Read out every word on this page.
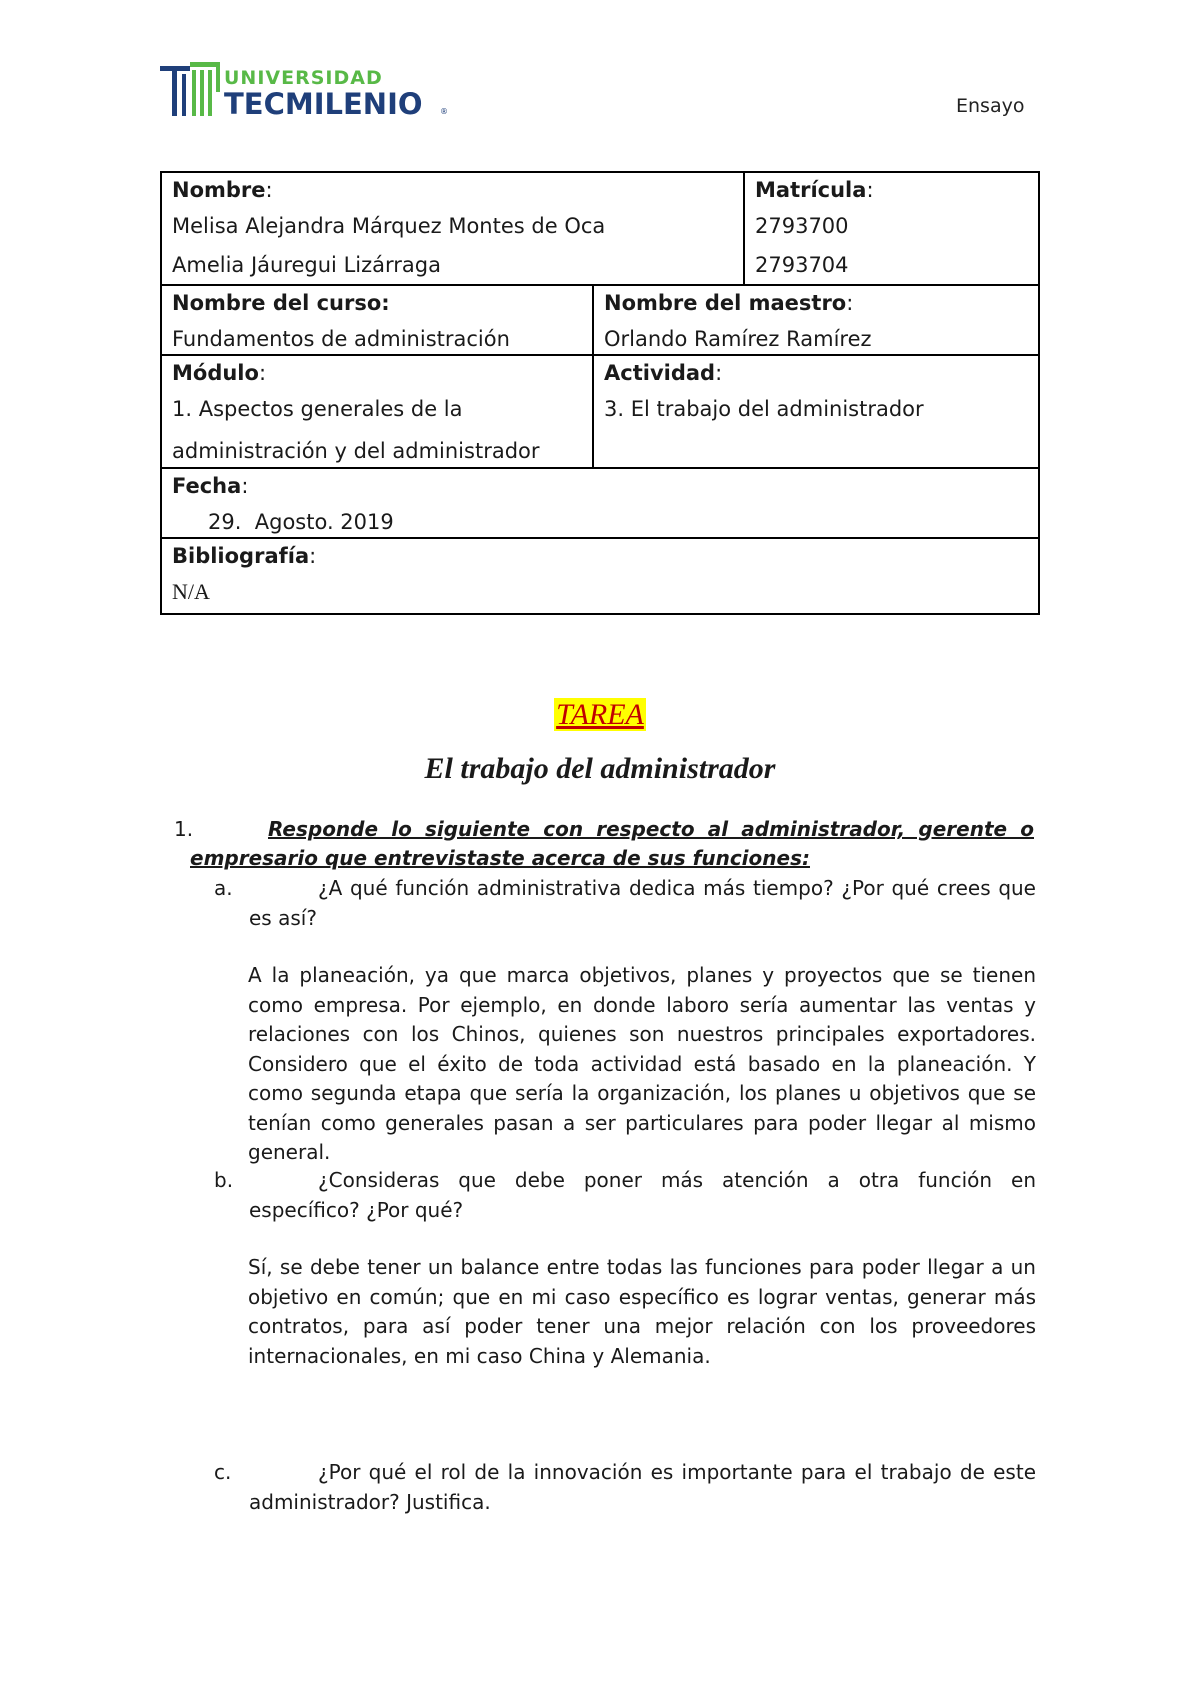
UNIVERSIDAD
TECMILENIO ®	Ensayo
Nombre:
Melisa Alejandra Márquez Montes de Oca
Amelia Jáuregui Lizárraga
Matrícula:
2793700
2793704
Nombre del curso:
Fundamentos de administración
Nombre del maestro:
Orlando Ramírez Ramírez
Módulo:
1. Aspectos generales de la
administración y del administrador
Actividad:
3. El trabajo del administrador
Fecha:
29.  Agosto. 2019
Bibliografía:
N/A
TAREA
El trabajo del administrador
1.	Responde lo siguiente con respecto al administrador, gerente o
empresario que entrevistaste acerca de sus funciones:
a.	¿A qué función administrativa dedica más tiempo? ¿Por qué crees que
es así?
A la planeación, ya que marca objetivos, planes y proyectos que se tienen como empresa. Por ejemplo, en donde laboro sería aumentar las ventas y relaciones con los Chinos, quienes son nuestros principales exportadores. Considero que el éxito de toda actividad está basado en la planeación. Y como segunda etapa que sería la organización, los planes u objetivos que se tenían como generales pasan a ser particulares para poder llegar al mismo general.
b.	¿Consideras que debe poner más atención a otra función en
específico? ¿Por qué?
Sí, se debe tener un balance entre todas las funciones para poder llegar a un objetivo en común; que en mi caso específico es lograr ventas, generar más contratos, para así poder tener una mejor relación con los proveedores internacionales, en mi caso China y Alemania.
c.	¿Por qué el rol de la innovación es importante para el trabajo de este
administrador? Justifica.
